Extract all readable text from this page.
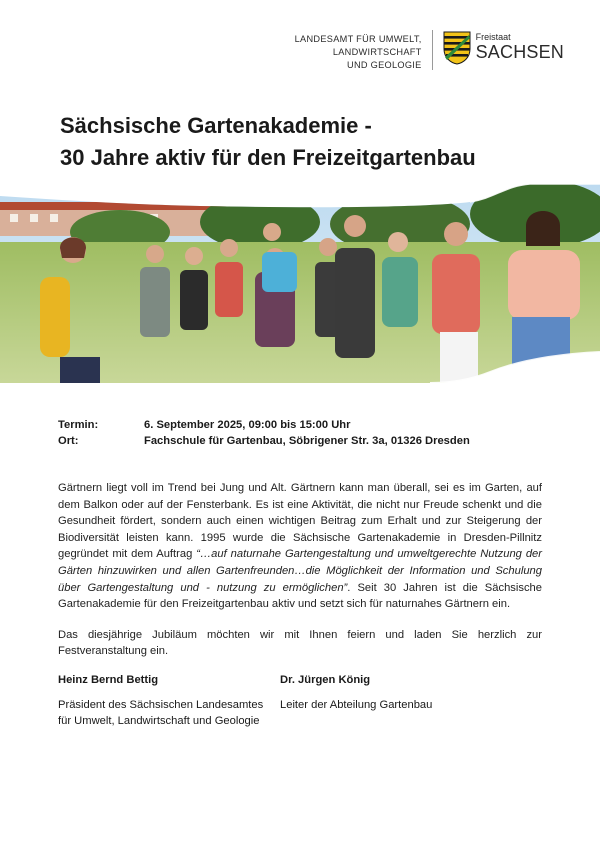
LANDESAMT FÜR UMWELT,
LANDWIRTSCHAFT
UND GEOLOGIE
Freistaat
SACHSEN
Sächsische Gartenakademie -
30 Jahre aktiv für den Freizeitgartenbau
Termin:	6. September 2025, 09:00 bis 15:00 Uhr
Ort:	Fachschule für Gartenbau, Söbrigener Str. 3a, 01326 Dresden

Gärtnern liegt voll im Trend bei Jung und Alt. Gärtnern kann man überall, sei es im Garten, auf dem Balkon oder auf der Fensterbank. Es ist eine Aktivität, die nicht nur Freude schenkt und die Gesundheit fördert, sondern auch einen wichtigen Beitrag zum Erhalt und zur Steigerung der Biodiversität leisten kann. 1995 wurde die Sächsische Gartenakademie in Dresden-Pillnitz gegründet mit dem Auftrag “…auf naturnahe Gartengestaltung und umweltgerechte Nutzung der Gärten hinzuwirken und allen Gartenfreunden…die Möglichkeit der Information und Schulung über Gartengestaltung und - nutzung zu ermöglichen”. Seit 30 Jahren ist die Sächsische Gartenakademie für den Freizeitgartenbau aktiv und setzt sich für naturnahes Gärtnern ein.

Das diesjährige Jubiläum möchten wir mit Ihnen feiern und laden Sie herzlich zur Festveranstaltung ein.

Heinz Bernd Bettig
Präsident des Sächsischen Landesamtes
für Umwelt, Landwirtschaft und Geologie
Dr. Jürgen König
Leiter der Abteilung Gartenbau
